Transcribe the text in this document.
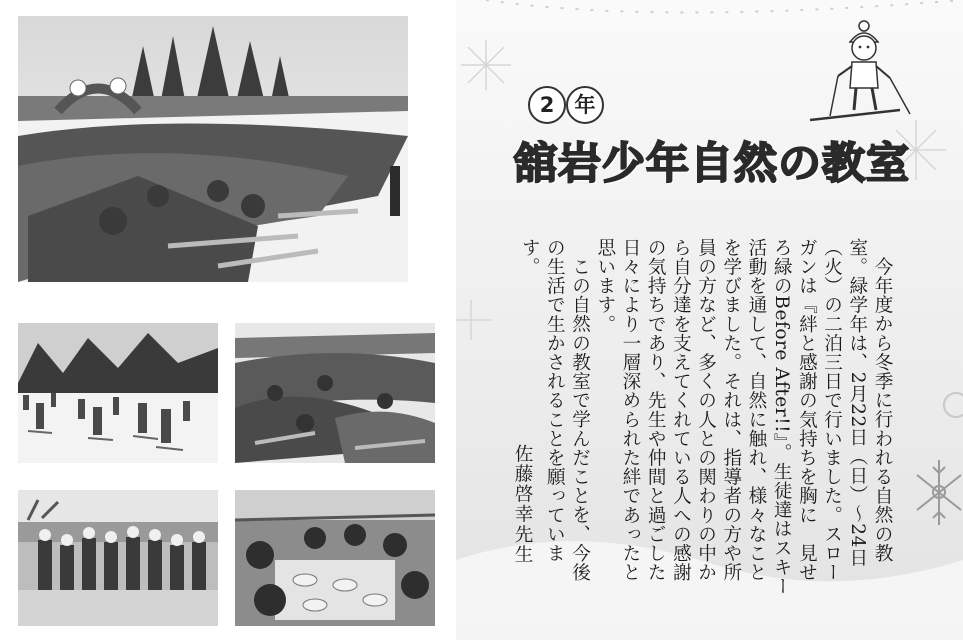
2 年
舘岩少年自然の教室

今年度から冬季に行われる自然の教室。緑学年は、2月22日（日）～24日（火）の二泊三日で行いました。スローガンは『絆と感謝の気持ちを胸に　見せろ緑のBefore After!!』。生徒達はスキー活動を通して、自然に触れ、様々なことを学びました。それは、指導者の方や所員の方など、多くの人との関わりの中から自分達を支えてくれている人への感謝の気持ちであり、先生や仲間と過ごした日々により一層深められた絆であったと思います。

この自然の教室で学んだことを、今後の生活で生かされることを願っています。

佐藤啓幸先生
